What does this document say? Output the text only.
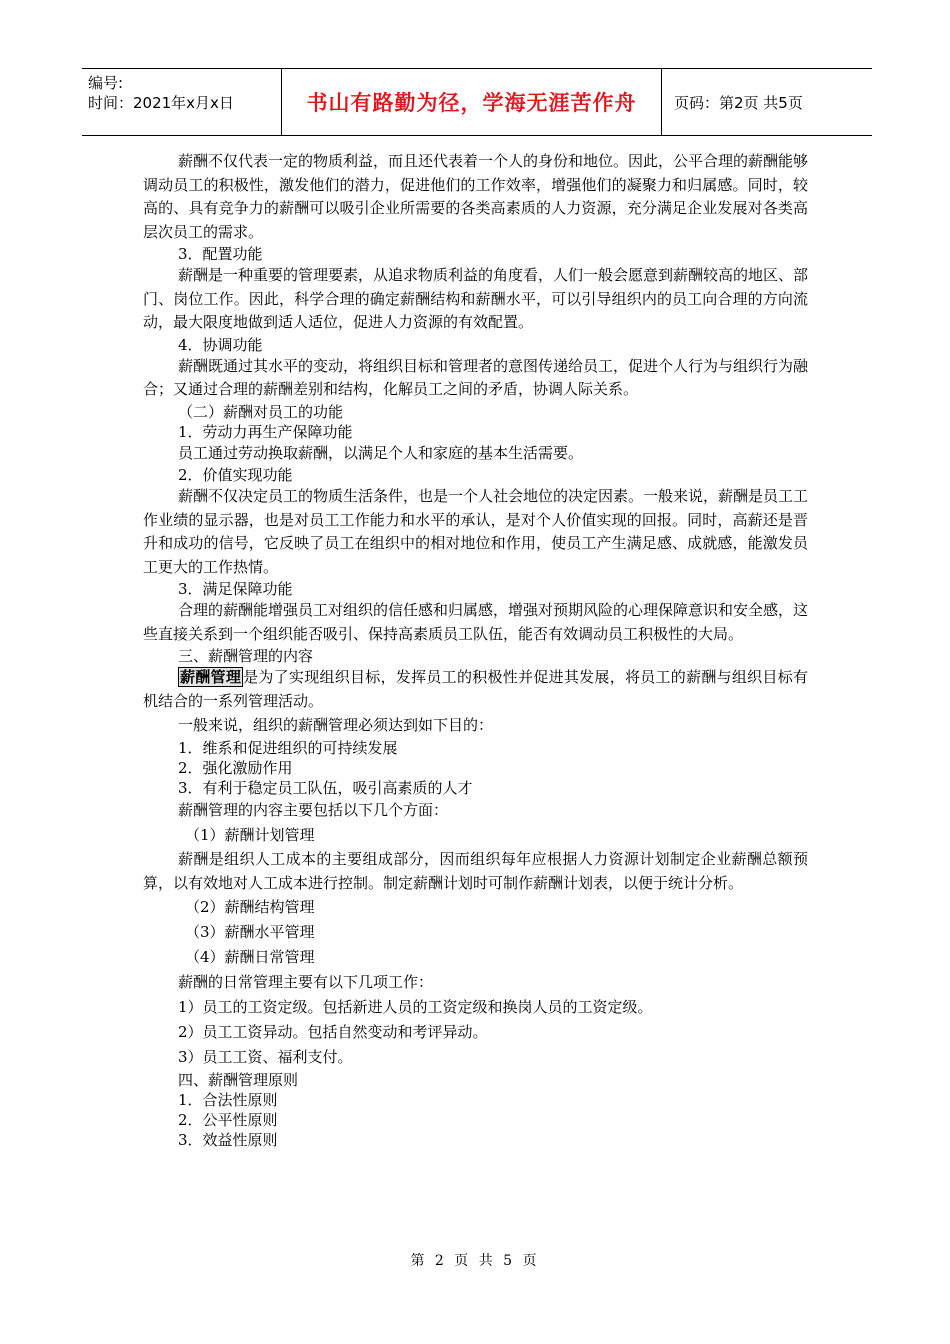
编号:
时间：2021年x月x日	书山有路勤为径，学海无涯苦作舟	页码：第2页 共5页

薪酬不仅代表一定的物质利益，而且还代表着一个人的身份和地位。因此，公平合理的薪酬能够调动员工的积极性，激发他们的潜力，促进他们的工作效率，增强他们的凝聚力和归属感。同时，较高的、具有竞争力的薪酬可以吸引企业所需要的各类高素质的人力资源，充分满足企业发展对各类高层次员工的需求。

3．配置功能

薪酬是一种重要的管理要素，从追求物质利益的角度看，人们一般会愿意到薪酬较高的地区、部门、岗位工作。因此，科学合理的确定薪酬结构和薪酬水平，可以引导组织内的员工向合理的方向流动，最大限度地做到适人适位，促进人力资源的有效配置。

4．协调功能

薪酬既通过其水平的变动，将组织目标和管理者的意图传递给员工，促进个人行为与组织行为融合；又通过合理的薪酬差别和结构，化解员工之间的矛盾，协调人际关系。

（二）薪酬对员工的功能

1．劳动力再生产保障功能

员工通过劳动换取薪酬，以满足个人和家庭的基本生活需要。

2．价值实现功能

薪酬不仅决定员工的物质生活条件，也是一个人社会地位的决定因素。一般来说，薪酬是员工工作业绩的显示器，也是对员工工作能力和水平的承认，是对个人价值实现的回报。同时，高薪还是晋升和成功的信号，它反映了员工在组织中的相对地位和作用，使员工产生满足感、成就感，能激发员工更大的工作热情。

3．满足保障功能

合理的薪酬能增强员工对组织的信任感和归属感，增强对预期风险的心理保障意识和安全感，这些直接关系到一个组织能否吸引、保持高素质员工队伍，能否有效调动员工积极性的大局。

三、薪酬管理的内容

薪酬管理 是为了实现组织目标，发挥员工的积极性并促进其发展，将员工的薪酬与组织目标有机结合的一系列管理活动。

一般来说，组织的薪酬管理必须达到如下目的：

1．维系和促进组织的可持续发展

2．强化激励作用

3．有利于稳定员工队伍，吸引高素质的人才

薪酬管理的内容主要包括以下几个方面：

（1）薪酬计划管理

薪酬是组织人工成本的主要组成部分，因而组织每年应根据人力资源计划制定企业薪酬总额预算，以有效地对人工成本进行控制。制定薪酬计划时可制作薪酬计划表，以便于统计分析。

（2）薪酬结构管理

（3）薪酬水平管理

（4）薪酬日常管理

薪酬的日常管理主要有以下几项工作：

1）员工的工资定级。包括新进人员的工资定级和换岗人员的工资定级。

2）员工工资异动。包括自然变动和考评异动。

3）员工工资、福利支付。

四、薪酬管理原则

1．合法性原则

2．公平性原则

3．效益性原则

第 2 页 共 5 页
